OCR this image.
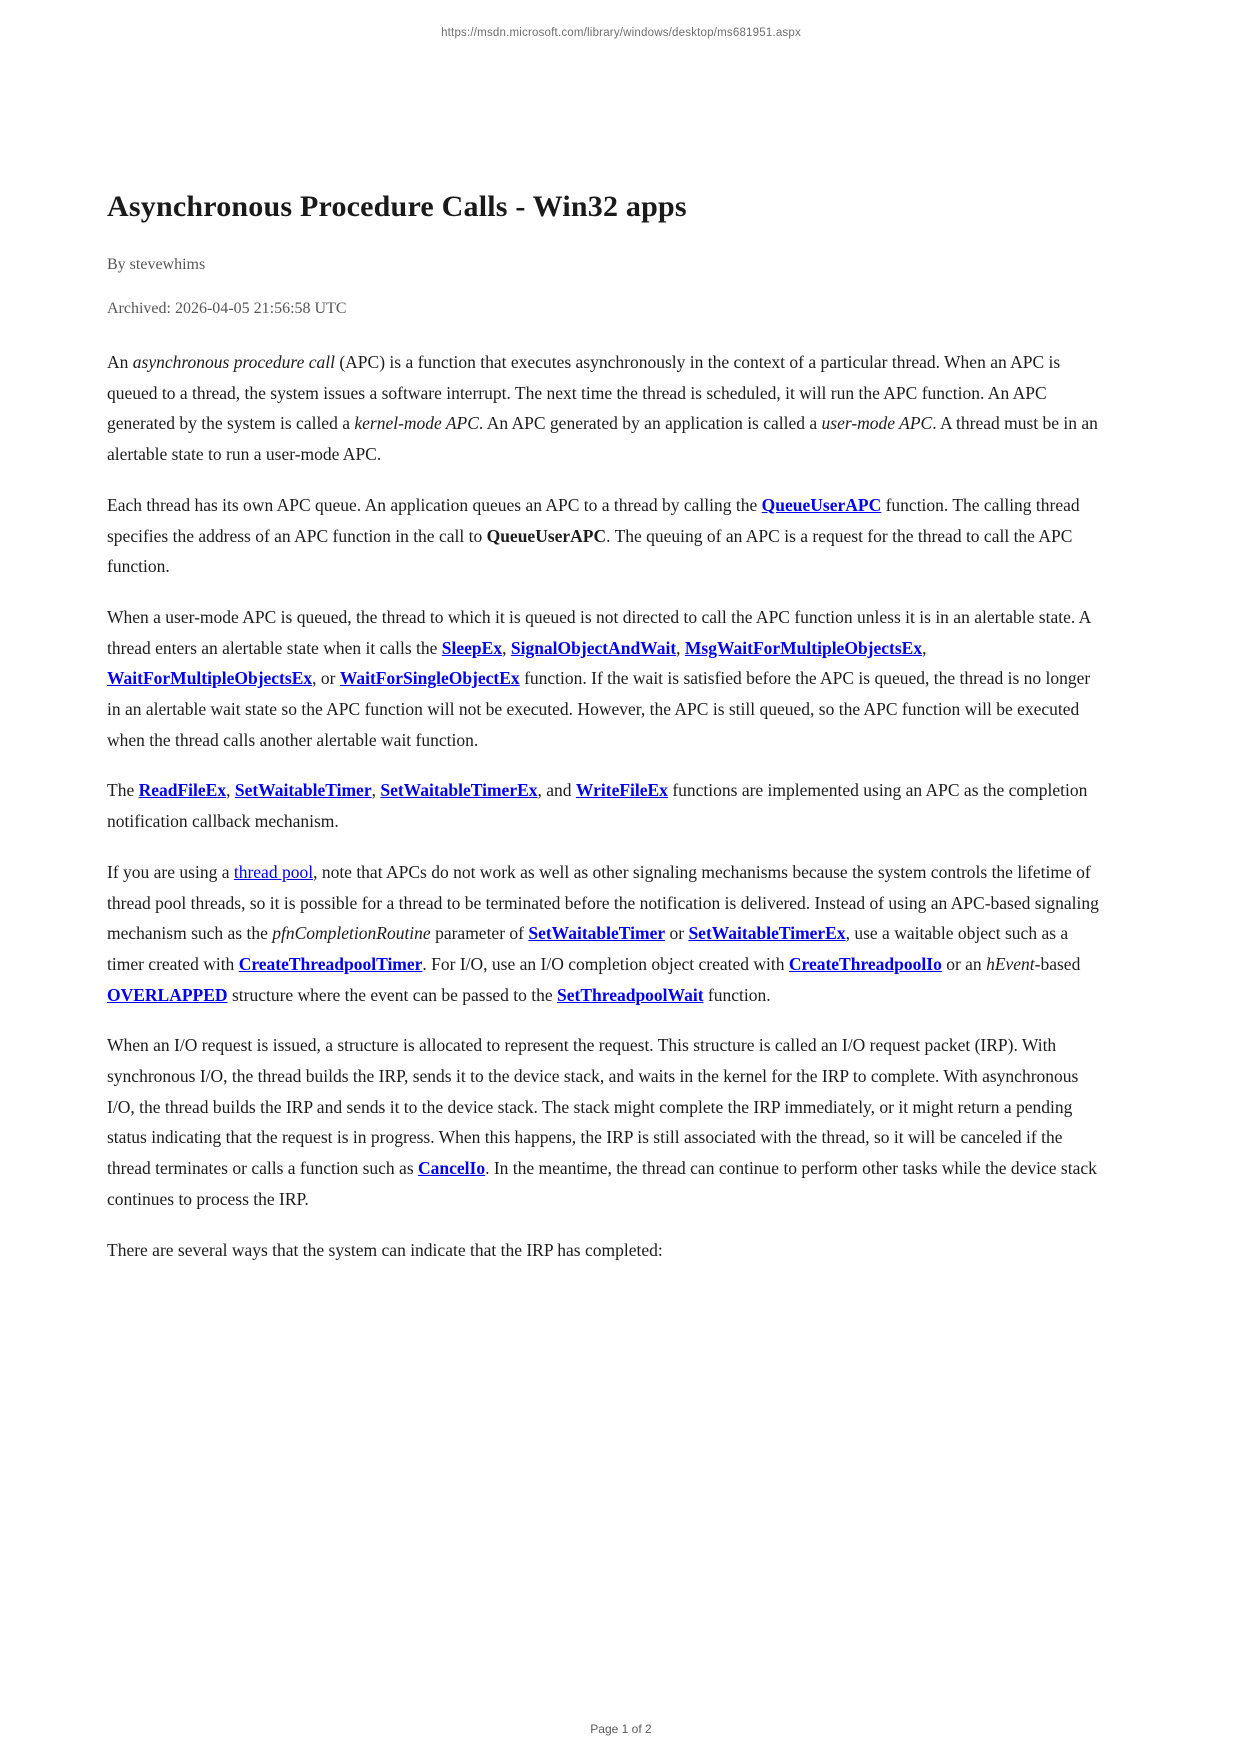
https://msdn.microsoft.com/library/windows/desktop/ms681951.aspx
Asynchronous Procedure Calls - Win32 apps
By stevewhims
Archived: 2026-04-05 21:56:58 UTC

An asynchronous procedure call (APC) is a function that executes asynchronously in the context of a particular thread. When an APC is queued to a thread, the system issues a software interrupt. The next time the thread is scheduled, it will run the APC function. An APC generated by the system is called a kernel-mode APC. An APC generated by an application is called a user-mode APC. A thread must be in an alertable state to run a user-mode APC.

Each thread has its own APC queue. An application queues an APC to a thread by calling the QueueUserAPC function. The calling thread specifies the address of an APC function in the call to QueueUserAPC. The queuing of an APC is a request for the thread to call the APC function.

When a user-mode APC is queued, the thread to which it is queued is not directed to call the APC function unless it is in an alertable state. A thread enters an alertable state when it calls the SleepEx, SignalObjectAndWait, MsgWaitForMultipleObjectsEx, WaitForMultipleObjectsEx, or WaitForSingleObjectEx function. If the wait is satisfied before the APC is queued, the thread is no longer in an alertable wait state so the APC function will not be executed. However, the APC is still queued, so the APC function will be executed when the thread calls another alertable wait function.

The ReadFileEx, SetWaitableTimer, SetWaitableTimerEx, and WriteFileEx functions are implemented using an APC as the completion notification callback mechanism.

If you are using a thread pool, note that APCs do not work as well as other signaling mechanisms because the system controls the lifetime of thread pool threads, so it is possible for a thread to be terminated before the notification is delivered. Instead of using an APC-based signaling mechanism such as the pfnCompletionRoutine parameter of SetWaitableTimer or SetWaitableTimerEx, use a waitable object such as a timer created with CreateThreadpoolTimer. For I/O, use an I/O completion object created with CreateThreadpoolIo or an hEvent-based OVERLAPPED structure where the event can be passed to the SetThreadpoolWait function.

When an I/O request is issued, a structure is allocated to represent the request. This structure is called an I/O request packet (IRP). With synchronous I/O, the thread builds the IRP, sends it to the device stack, and waits in the kernel for the IRP to complete. With asynchronous I/O, the thread builds the IRP and sends it to the device stack. The stack might complete the IRP immediately, or it might return a pending status indicating that the request is in progress. When this happens, the IRP is still associated with the thread, so it will be canceled if the thread terminates or calls a function such as CancelIo. In the meantime, the thread can continue to perform other tasks while the device stack continues to process the IRP.

There are several ways that the system can indicate that the IRP has completed:

Page 1 of 2
